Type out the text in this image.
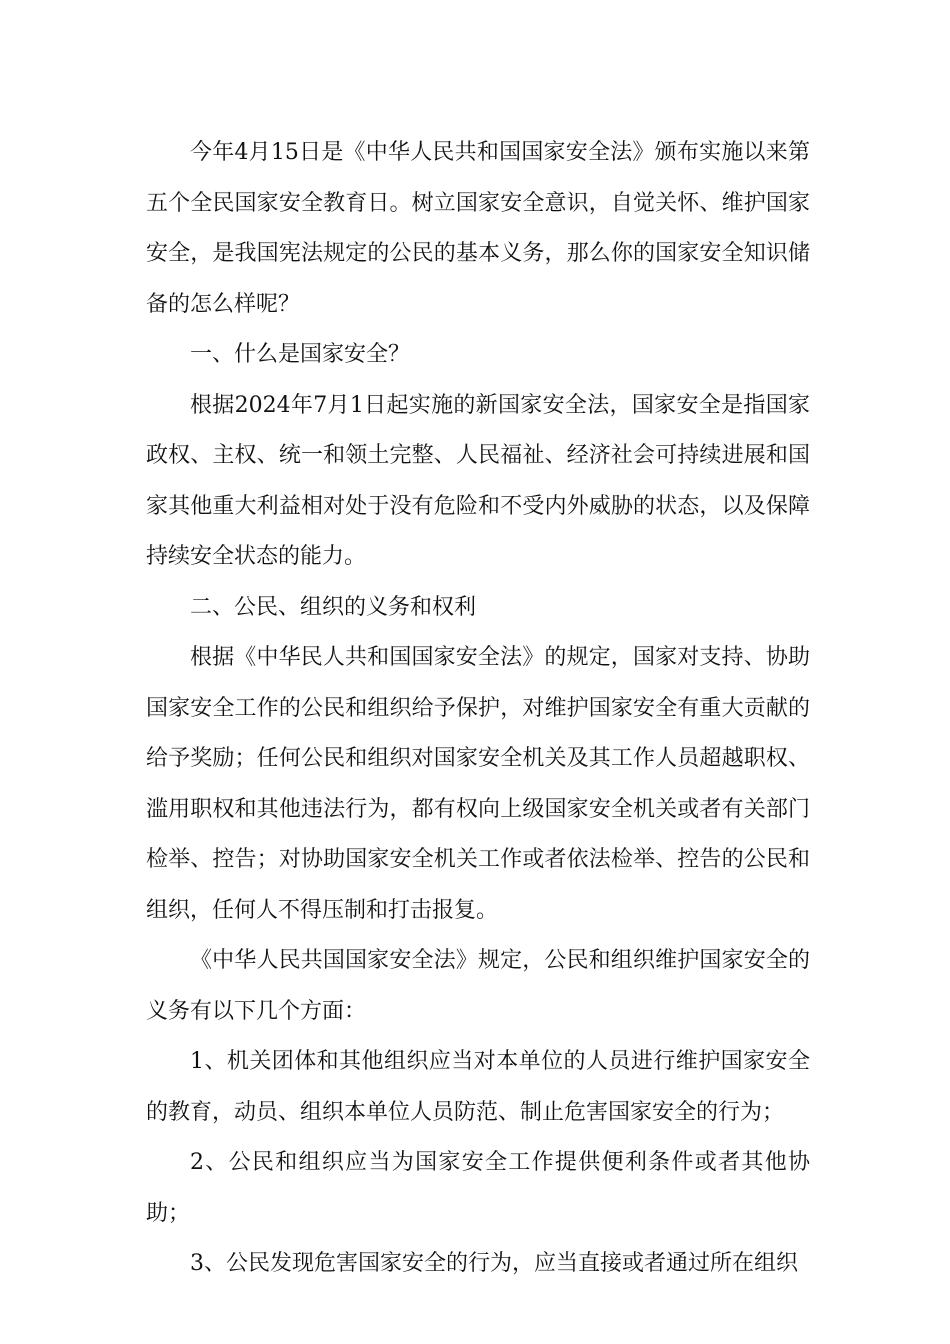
今年4月15日是《中华人民共和国国家安全法》颁布实施以来第五个全民国家安全教育日。树立国家安全意识，自觉关怀、维护国家安全，是我国宪法规定的公民的基本义务，那么你的国家安全知识储备的怎么样呢？

一、什么是国家安全？

根据2024年7月1日起实施的新国家安全法，国家安全是指国家政权、主权、统一和领土完整、人民福祉、经济社会可持续进展和国家其他重大利益相对处于没有危险和不受内外威胁的状态，以及保障持续安全状态的能力。

二、公民、组织的义务和权利

根据《中华民人共和国国家安全法》的规定，国家对支持、协助国家安全工作的公民和组织给予保护，对维护国家安全有重大贡献的给予奖励；任何公民和组织对国家安全机关及其工作人员超越职权、滥用职权和其他违法行为，都有权向上级国家安全机关或者有关部门检举、控告；对协助国家安全机关工作或者依法检举、控告的公民和组织，任何人不得压制和打击报复。

《中华人民共国国家安全法》规定，公民和组织维护国家安全的义务有以下几个方面：

1、机关团体和其他组织应当对本单位的人员进行维护国家安全的教育，动员、组织本单位人员防范、制止危害国家安全的行为；

2、公民和组织应当为国家安全工作提供便利条件或者其他协助；

3、公民发现危害国家安全的行为，应当直接或者通过所在组织
